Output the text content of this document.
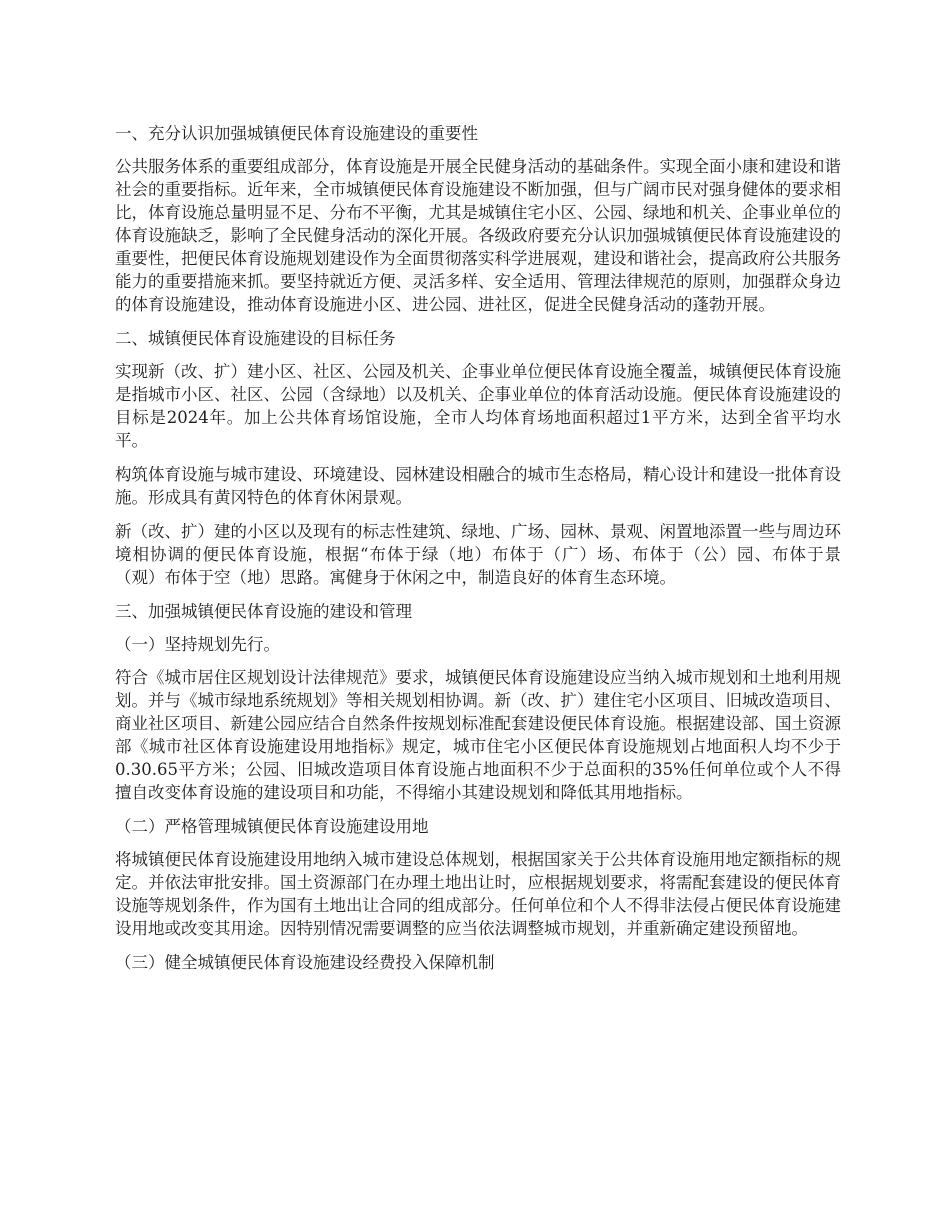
一、充分认识加强城镇便民体育设施建设的重要性
公共服务体系的重要组成部分，体育设施是开展全民健身活动的基础条件。实现全面小康和建设和谐社会的重要指标。近年来，全市城镇便民体育设施建设不断加强，但与广阔市民对强身健体的要求相比，体育设施总量明显不足、分布不平衡，尤其是城镇住宅小区、公园、绿地和机关、企事业单位的体育设施缺乏，影响了全民健身活动的深化开展。各级政府要充分认识加强城镇便民体育设施建设的重要性，把便民体育设施规划建设作为全面贯彻落实科学进展观，建设和谐社会，提高政府公共服务能力的重要措施来抓。要坚持就近方便、灵活多样、安全适用、管理法律规范的原则，加强群众身边的体育设施建设，推动体育设施进小区、进公园、进社区，促进全民健身活动的蓬勃开展。
二、城镇便民体育设施建设的目标任务
实现新（改、扩）建小区、社区、公园及机关、企事业单位便民体育设施全覆盖，城镇便民体育设施是指城市小区、社区、公园（含绿地）以及机关、企事业单位的体育活动设施。便民体育设施建设的目标是2024年。加上公共体育场馆设施，全市人均体育场地面积超过1平方米，达到全省平均水平。
构筑体育设施与城市建设、环境建设、园林建设相融合的城市生态格局，精心设计和建设一批体育设施。形成具有黄冈特色的体育休闲景观。
新（改、扩）建的小区以及现有的标志性建筑、绿地、广场、园林、景观、闲置地添置一些与周边环境相协调的便民体育设施，根据“布体于绿（地）布体于（广）场、布体于（公）园、布体于景（观）布体于空（地）思路。寓健身于休闲之中，制造良好的体育生态环境。
三、加强城镇便民体育设施的建设和管理
（一）坚持规划先行。
符合《城市居住区规划设计法律规范》要求，城镇便民体育设施建设应当纳入城市规划和土地利用规划。并与《城市绿地系统规划》等相关规划相协调。新（改、扩）建住宅小区项目、旧城改造项目、商业社区项目、新建公园应结合自然条件按规划标准配套建设便民体育设施。根据建设部、国土资源部《城市社区体育设施建设用地指标》规定，城市住宅小区便民体育设施规划占地面积人均不少于0.30.65平方米；公园、旧城改造项目体育设施占地面积不少于总面积的35%任何单位或个人不得擅自改变体育设施的建设项目和功能，不得缩小其建设规划和降低其用地指标。
（二）严格管理城镇便民体育设施建设用地
将城镇便民体育设施建设用地纳入城市建设总体规划，根据国家关于公共体育设施用地定额指标的规定。并依法审批安排。国土资源部门在办理土地出让时，应根据规划要求，将需配套建设的便民体育设施等规划条件，作为国有土地出让合同的组成部分。任何单位和个人不得非法侵占便民体育设施建设用地或改变其用途。因特别情况需要调整的应当依法调整城市规划，并重新确定建设预留地。
（三）健全城镇便民体育设施建设经费投入保障机制
